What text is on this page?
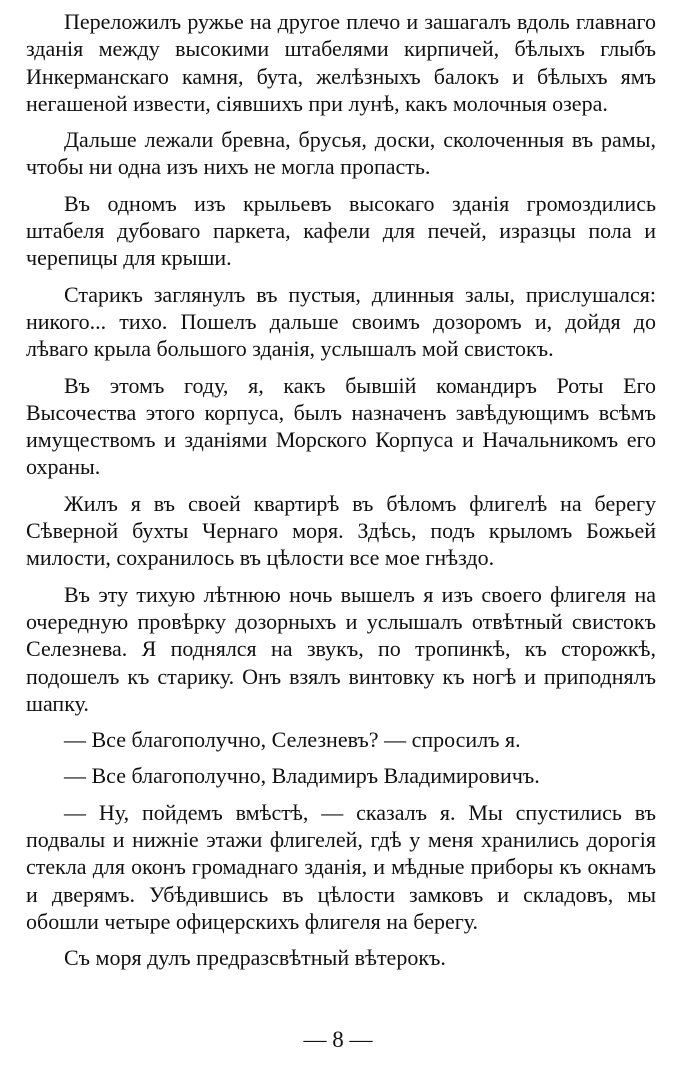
Переложилъ ружье на другое плечо и зашагалъ вдоль главнаго зданія между высокими штабелями кирпичей, бѣлыхъ глыбъ Инкерманскаго камня, бута, желѣзныхъ балокъ и бѣлыхъ ямъ негашеной извести, сіявшихъ при лунѣ, какъ молочныя озера.

Дальше лежали бревна, брусья, доски, сколоченныя въ рамы, чтобы ни одна изъ нихъ не могла пропасть.

Въ одномъ изъ крыльевъ высокаго зданія громоздились штабеля дубоваго паркета, кафели для печей, изразцы пола и черепицы для крыши.

Старикъ заглянулъ въ пустыя, длинныя залы, прислушался: никого... тихо. Пошелъ дальше своимъ дозоромъ и, дойдя до лѣваго крыла большого зданія, услышалъ мой свистокъ.

Въ этомъ году, я, какъ бывшій командиръ Роты Его Высочества этого корпуса, былъ назначенъ завѣдующимъ всѣмъ имуществомъ и зданіями Морского Корпуса и Начальникомъ его охраны.

Жилъ я въ своей квартирѣ въ бѣломъ флигелѣ на берегу Сѣверной бухты Чернаго моря. Здѣсь, подъ крыломъ Божьей милости, сохранилось въ цѣлости все мое гнѣздо.

Въ эту тихую лѣтнюю ночь вышелъ я изъ своего флигеля на очередную провѣрку дозорныхъ и услышалъ отвѣтный свистокъ Селезнева. Я поднялся на звукъ, по тропинкѣ, къ сторожкѣ, подошелъ къ старику. Онъ взялъ винтовку къ ногѣ и приподнялъ шапку.

— Все благополучно, Селезневъ? — спросилъ я.

— Все благополучно, Владимиръ Владимировичъ.

— Ну, пойдемъ вмѣстѣ, — сказалъ я. Мы спустились въ подвалы и нижніе этажи флигелей, гдѣ у меня хранились дорогія стекла для оконъ громаднаго зданія, и мѣдные приборы къ окнамъ и дверямъ. Убѣдившись въ цѣлости замковъ и складовъ, мы обошли четыре офицерскихъ флигеля на берегу.

Съ моря дулъ предразсвѣтный вѣтерокъ.

— 8 —
